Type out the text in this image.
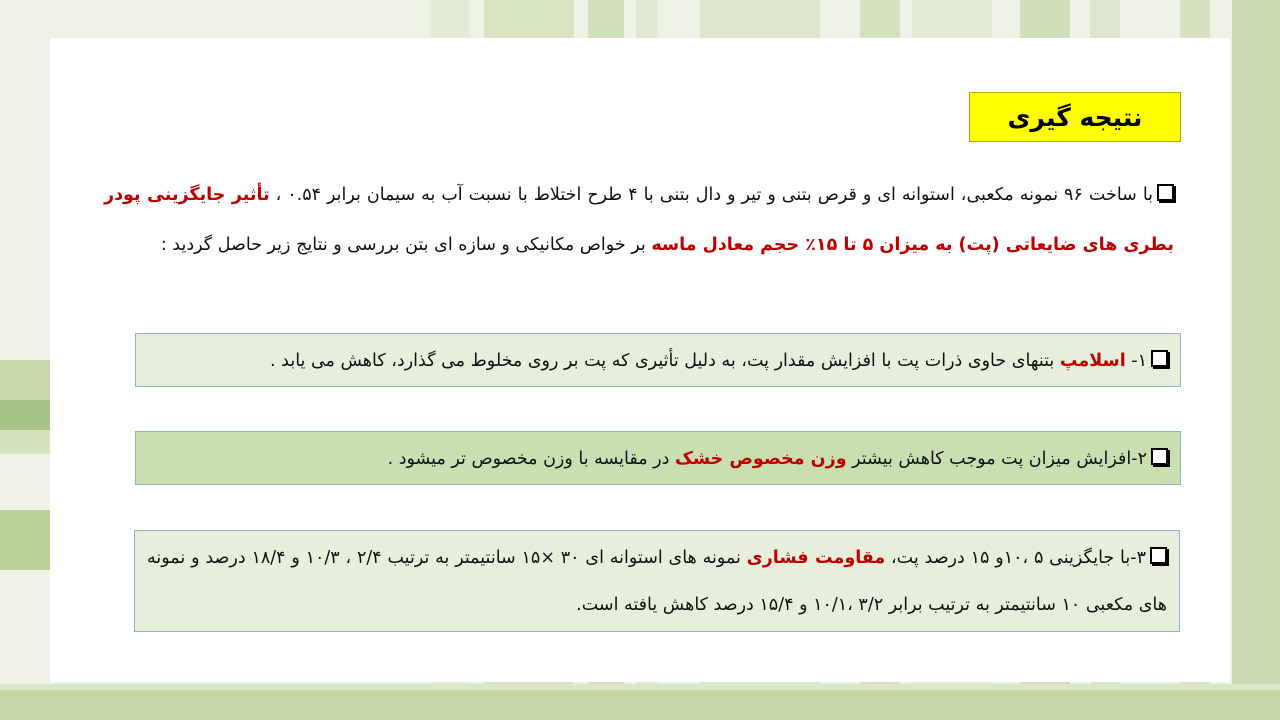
نتیجه گیری
با ساخت ۹۶ نمونه مکعبی، استوانه ای و قرص بتنی و تیر و دال بتنی با ۴ طرح اختلاط با نسبت آب به سیمان برابر ۰.۵۴ ، تأثیر جایگزینی پودر بطری های ضایعاتی (پت) به میزان ۵ تا ۱۵٪ حجم معادل ماسه بر خواص مکانیکی و سازه ای بتن بررسی و نتایج زیر حاصل گردید :
۱- اسلامپ بتنهای حاوی ذرات پت با افزایش مقدار پت، به دلیل تأثیری که پت بر روی مخلوط می گذارد، کاهش می یابد .
۲-افزایش میزان پت موجب کاهش بیشتر وزن مخصوص خشک در مقایسه با وزن مخصوص تر میشود .
۳-با جایگزینی ۵ ،۱۰و ۱۵ درصد پت، مقاومت فشاری نمونه های استوانه ای ۳۰ ×۱۵ سانتیمتر به ترتیب ۲/۴ ، ۱۰/۳ و ۱۸/۴ درصد و نمونه های مکعبی ۱۰ سانتیمتر به ترتیب برابر ۳/۲ ،۱۰/۱ و ۱۵/۴ درصد کاهش یافته است.
